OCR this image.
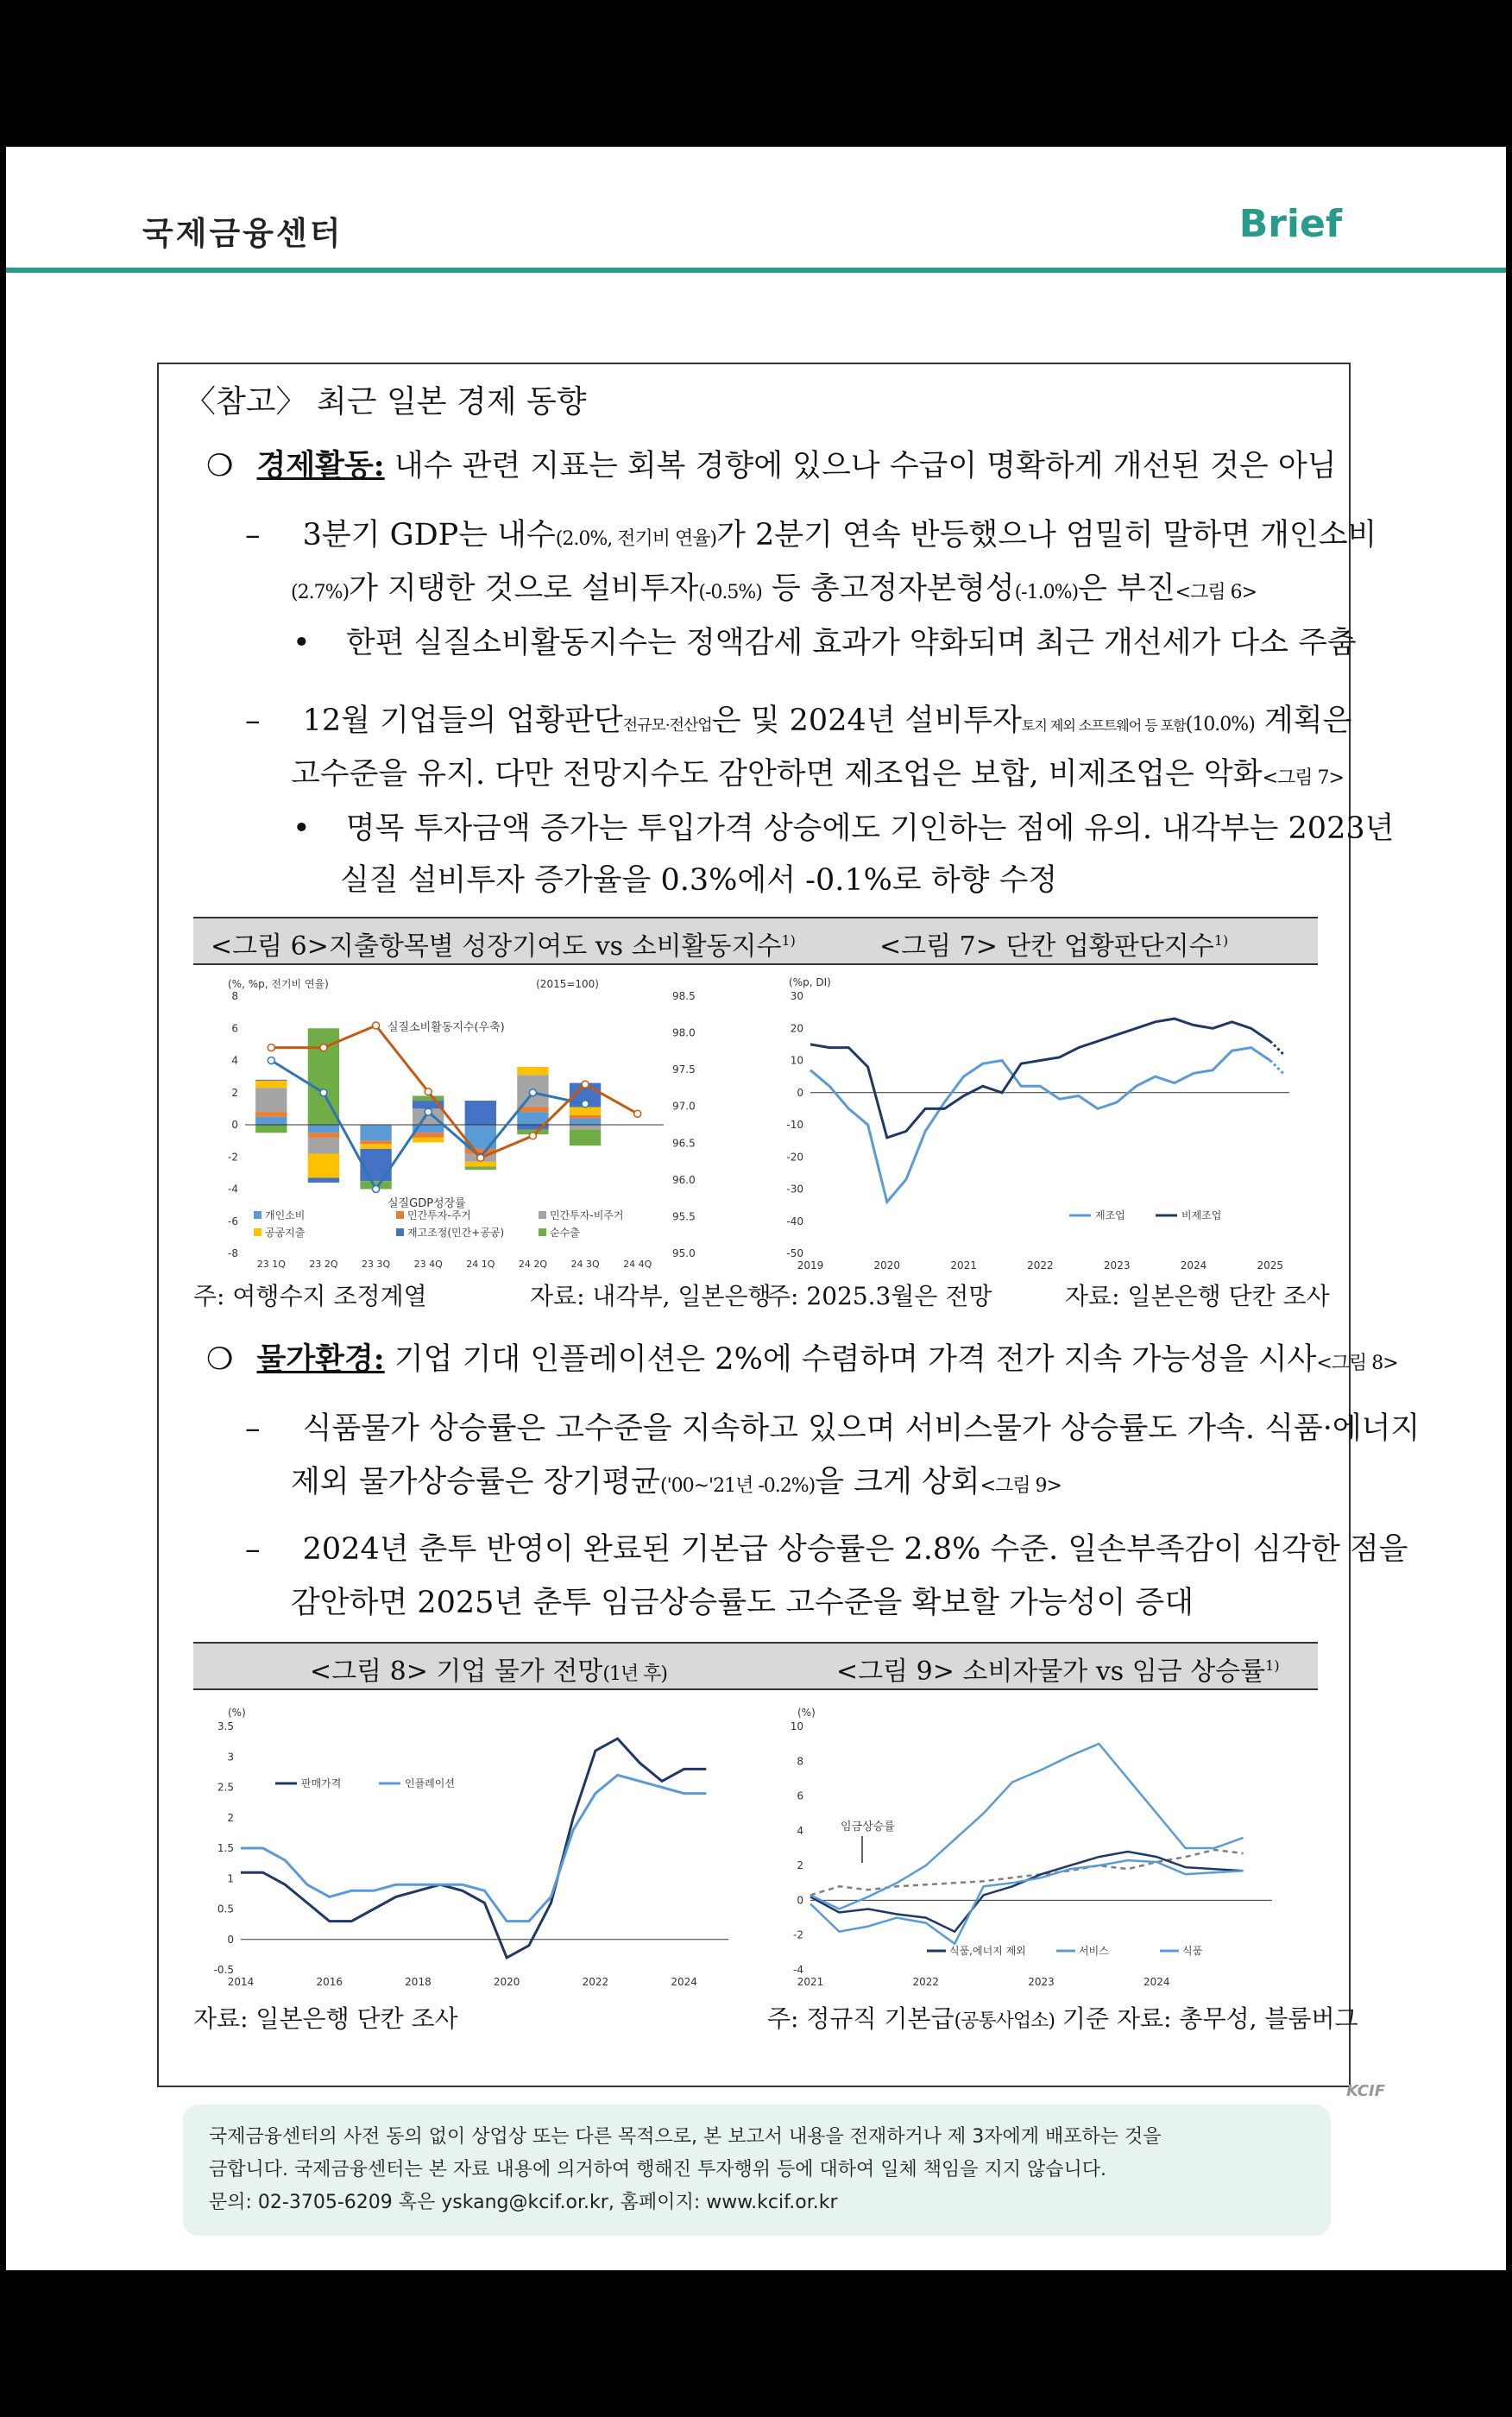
국제금융센터	Brief
〈참고〉 최근 일본 경제 동향
❍ 경제활동: 내수 관련 지표는 회복 경향에 있으나 수급이 명확하게 개선된 것은 아님
– 3분기 GDP는 내수(2.0%, 전기비 연율)가 2분기 연속 반등했으나 엄밀히 말하면 개인소비
(2.7%)가 지탱한 것으로 설비투자(-0.5%) 등 총고정자본형성(-1.0%)은 부진<그림 6>
• 한편 실질소비활동지수는 정액감세 효과가 약화되며 최근 개선세가 다소 주춤
– 12월 기업들의 업황판단전규모·전산업은 및 2024년 설비투자토지 제외 소프트웨어 등 포함(10.0%) 계획은
고수준을 유지. 다만 전망지수도 감안하면 제조업은 보합, 비제조업은 악화<그림 7>
• 명목 투자금액 증가는 투입가격 상승에도 기인하는 점에 유의. 내각부는 2023년
실질 설비투자 증가율을 0.3%에서 -0.1%로 하향 수정
<그림 6>지출항목별 성장기여도 vs 소비활동지수$^{1)}$	<그림 7> 단칸 업황판단지수$^{1)}$
(%, %p, 전기비 연율)	(2015=100)
8
6
4
2
0
-2
-4
-6
-8
98.5
98.0
97.5
97.0
96.5
96.0
95.5
95.0
23 1Q 23 2Q 23 3Q 23 4Q 24 1Q 24 2Q 24 3Q 24 4Q
실질소비활동지수(우축)
실질GDP성장률
개인소비	민간투자-주거	민간투자-비주거
공공지출	재고조정(민간+공공)	순수출
(%p, DI)
30
20
10
0
-10
-20
-30
-40
-50
2019	2020	2021	2022	2023	2024	2025
제조업	비제조업
주: 여행수지 조정계열	자료: 내각부, 일본은행
주: 2025.3월은 전망	자료: 일본은행 단칸 조사
❍ 물가환경: 기업 기대 인플레이션은 2%에 수렴하며 가격 전가 지속 가능성을 시사<그림 8>
– 식품물가 상승률은 고수준을 지속하고 있으며 서비스물가 상승률도 가속. 식품·에너지
제외 물가상승률은 장기평균('00~'21년 -0.2%)을 크게 상회<그림 9>
– 2024년 춘투 반영이 완료된 기본급 상승률은 2.8% 수준. 일손부족감이 심각한 점을
감안하면 2025년 춘투 임금상승률도 고수준을 확보할 가능성이 증대
<그림 8> 기업 물가 전망(1년 후)	<그림 9> 소비자물가 vs 임금 상승률$^{1)}$
(%)
3.5
3
2.5
2
1.5
1
0.5
0
-0.5
2014	2016	2018	2020	2022	2024
판매가격	인플레이션
(%)
10
8
6
4
2
0
-2
-4
2021	2022	2023	2024
임금상승률
식품,에너지 제외	서비스	식품
자료: 일본은행 단칸 조사	주: 정규직 기본급(공통사업소) 기준 자료: 총무성, 블룸버그
KCIF
국제금융센터의 사전 동의 없이 상업상 또는 다른 목적으로, 본 보고서 내용을 전재하거나 제 3자에게 배포하는 것을
금합니다. 국제금융센터는 본 자료 내용에 의거하여 행해진 투자행위 등에 대하여 일체 책임을 지지 않습니다.
문의: 02-3705-6209 혹은 yskang@kcif.or.kr, 홈페이지: www.kcif.or.kr
